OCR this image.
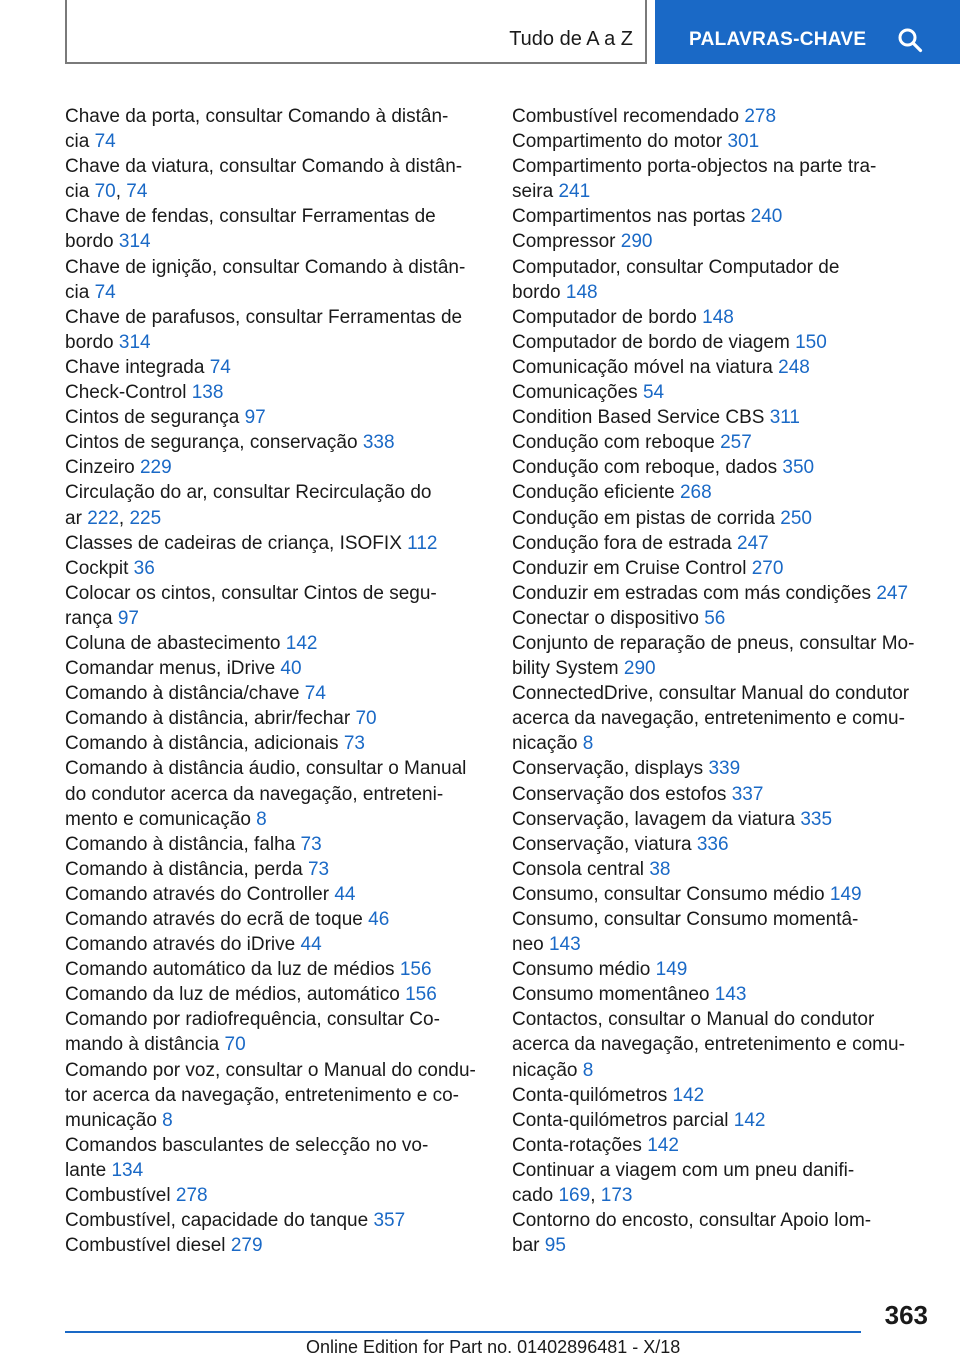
Tudo de A a Z	PALAVRAS-CHAVE
Chave da porta, consultar Comando à distân-
cia 74
Chave da viatura, consultar Comando à distân-
cia 70, 74
Chave de fendas, consultar Ferramentas de
bordo 314
Chave de ignição, consultar Comando à distân-
cia 74
Chave de parafusos, consultar Ferramentas de
bordo 314
Chave integrada 74
Check-Control 138
Cintos de segurança 97
Cintos de segurança, conservação 338
Cinzeiro 229
Circulação do ar, consultar Recirculação do
ar 222, 225
Classes de cadeiras de criança, ISOFIX 112
Cockpit 36
Colocar os cintos, consultar Cintos de segu-
rança 97
Coluna de abastecimento 142
Comandar menus, iDrive 40
Comando à distância/chave 74
Comando à distância, abrir/fechar 70
Comando à distância, adicionais 73
Comando à distância áudio, consultar o Manual
do condutor acerca da navegação, entreteni-
mento e comunicação 8
Comando à distância, falha 73
Comando à distância, perda 73
Comando através do Controller 44
Comando através do ecrã de toque 46
Comando através do iDrive 44
Comando automático da luz de médios 156
Comando da luz de médios, automático 156
Comando por radiofrequência, consultar Co-
mando à distância 70
Comando por voz, consultar o Manual do condu-
tor acerca da navegação, entretenimento e co-
municação 8
Comandos basculantes de selecção no vo-
lante 134
Combustível 278
Combustível, capacidade do tanque 357
Combustível diesel 279
Combustível recomendado 278
Compartimento do motor 301
Compartimento porta-objectos na parte tra-
seira 241
Compartimentos nas portas 240
Compressor 290
Computador, consultar Computador de
bordo 148
Computador de bordo 148
Computador de bordo de viagem 150
Comunicação móvel na viatura 248
Comunicações 54
Condition Based Service CBS 311
Condução com reboque 257
Condução com reboque, dados 350
Condução eficiente 268
Condução em pistas de corrida 250
Condução fora de estrada 247
Conduzir em Cruise Control 270
Conduzir em estradas com más condições 247
Conectar o dispositivo 56
Conjunto de reparação de pneus, consultar Mo-
bility System 290
ConnectedDrive, consultar Manual do condutor
acerca da navegação, entretenimento e comu-
nicação 8
Conservação, displays 339
Conservação dos estofos 337
Conservação, lavagem da viatura 335
Conservação, viatura 336
Consola central 38
Consumo, consultar Consumo médio 149
Consumo, consultar Consumo momentâ-
neo 143
Consumo médio 149
Consumo momentâneo 143
Contactos, consultar o Manual do condutor
acerca da navegação, entretenimento e comu-
nicação 8
Conta-quilómetros 142
Conta-quilómetros parcial 142
Conta-rotações 142
Continuar a viagem com um pneu danifi-
cado 169, 173
Contorno do encosto, consultar Apoio lom-
bar 95
363
Online Edition for Part no. 01402896481 - X/18
